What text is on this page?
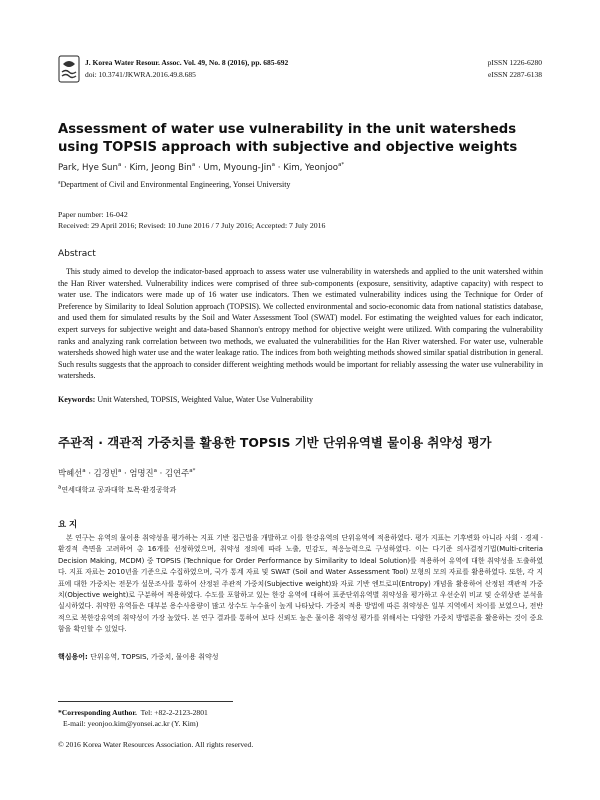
J. Korea Water Resour. Assoc. Vol. 49, No. 8 (2016), pp. 685-692
doi: 10.3741/JKWRA.2016.49.8.685
pISSN 1226-6280
eISSN 2287-6138
Assessment of water use vulnerability in the unit watersheds using TOPSIS approach with subjective and objective weights
Park, Hye Sun$^a$ · Kim, Jeong Bin$^a$ · Um, Myoung-Jin$^a$ · Kim, Yeonjoo$^{a*}$
$^a$Department of Civil and Environmental Engineering, Yonsei University
Paper number: 16-042
Received: 29 April 2016; Revised: 10 June 2016 / 7 July 2016; Accepted: 7 July 2016
Abstract
This study aimed to develop the indicator-based approach to assess water use vulnerability in watersheds and applied to the unit watershed within the Han River watershed. Vulnerability indices were comprised of three sub-components (exposure, sensitivity, adaptive capacity) with respect to water use. The indicators were made up of 16 water use indicators. Then we estimated vulnerability indices using the Technique for Order of Preference by Similarity to Ideal Solution approach (TOPSIS). We collected environmental and socio-economic data from national statistics database, and used them for simulated results by the Soil and Water Assessment Tool (SWAT) model. For estimating the weighted values for each indicator, expert surveys for subjective weight and data-based Shannon's entropy method for objective weight were utilized. With comparing the vulnerability ranks and analyzing rank correlation between two methods, we evaluated the vulnerabilities for the Han River watershed. For water use, vulnerable watersheds showed high water use and the water leakage ratio. The indices from both weighting methods showed similar spatial distribution in general. Such results suggests that the approach to consider different weighting methods would be important for reliably assessing the water use vulnerability in watersheds.
Keywords: Unit Watershed, TOPSIS, Weighted Value, Water Use Vulnerability
주관적 · 객관적 가중치를 활용한 TOPSIS 기반 단위유역별 물이용 취약성 평가
박혜선$^a$ · 김경빈$^a$ · 엄명진$^a$ · 김연주$^{a*}$
$^a$연세대학교 공과대학 토목·환경공학과
요 지
본 연구는 유역의 물이용 취약성을 평가하는 지표 기반 접근법을 개발하고 이를 한강유역의 단위유역에 적용하였다. 평가 지표는 기후변화 아니라 사회 · 경제 · 환경적 측면을 고려하여 총 16개를 선정하였으며, 취약성 정의에 따라 노출, 민감도, 적응능력으로 구성하였다. 이는 다기준 의사결정기법(Multi-criteria Decision Making, MCDM) 중 TOPSIS (Technique for Order Performance by Similarity to Ideal Solution)를 적용하여 유역에 대한 취약성을 도출하였다. 지표 자료는 2010년을 기준으로 수집하였으며, 국가 통계 자료 및 SWAT (Soil and Water Assessment Tool) 모형의 모의 자료를 활용하였다. 또한, 각 지표에 대한 가중치는 전문가 설문조사를 통하여 산정된 주관적 가중치(Subjective weight)와 자료 기반 엔트로피(Entropy) 개념을 활용하여 산정된 객관적 가중치(Objective weight)로 구분하여 적용하였다. 수도를 포함하고 있는 한강 유역에 대하여 표준단위유역별 취약성을 평가하고 우선순위 비교 및 순위상관 분석을 실시하였다. 취약한 유역들은 대부분 용수사용량이 많고 상수도 누수율이 높게 나타났다. 가중치 적용 방법에 따른 취약성은 일부 지역에서 차이를 보였으나, 전반적으로 북한강유역의 취약성이 가장 높았다. 본 연구 결과를 통하여 보다 신뢰도 높은 물이용 취약성 평가를 위해서는 다양한 가중치 방법론을 활용하는 것이 중요함을 확인할 수 있었다.
핵심용어: 단위유역, TOPSIS, 가중치, 물이용 취약성
*Corresponding Author. Tel: +82-2-2123-2801
E-mail: yeonjoo.kim@yonsei.ac.kr (Y. Kim)
© 2016 Korea Water Resources Association. All rights reserved.
